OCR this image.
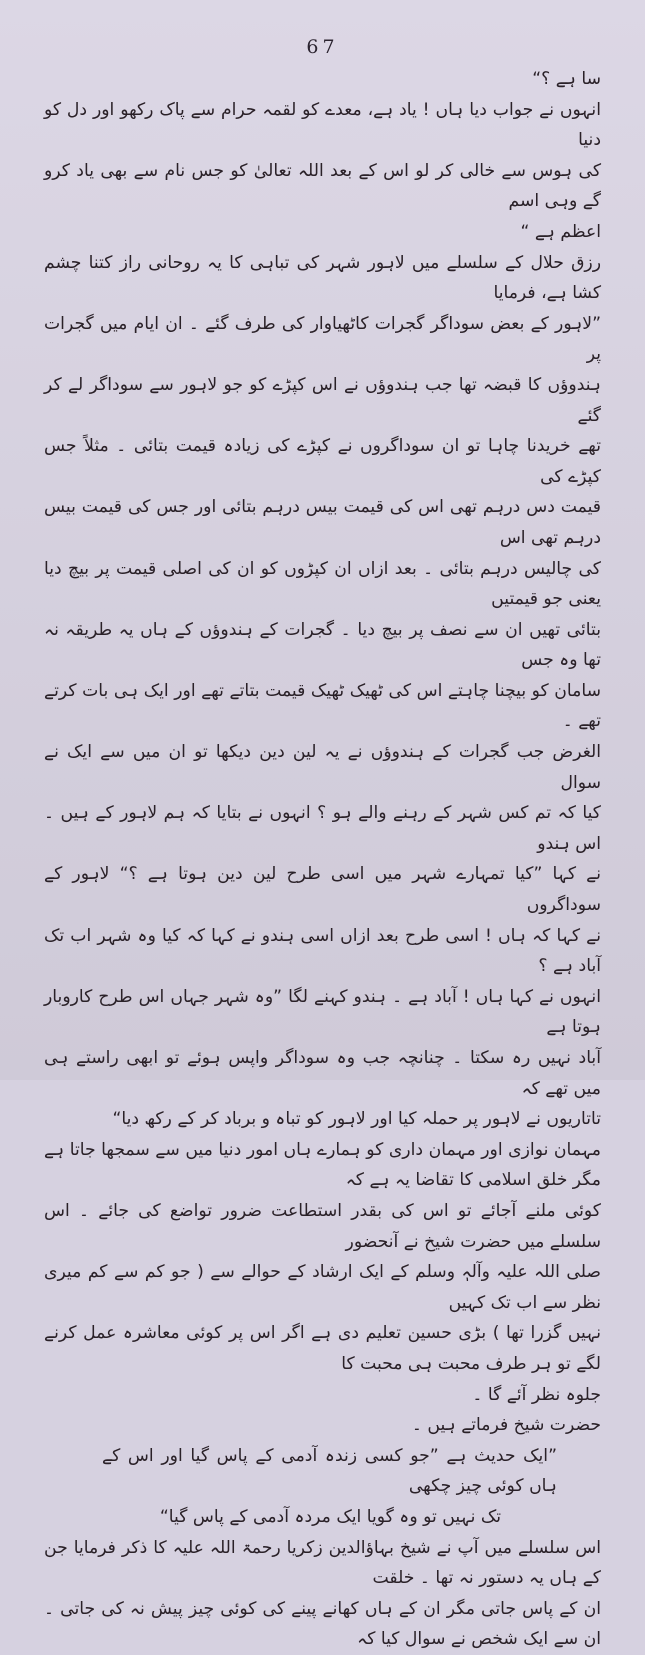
67

سا ہے ؟“

انہوں نے جواب دیا ہاں ! یاد ہے، معدے کو لقمہ حرام سے پاک رکھو اور دل کو دنیا

کی ہوس سے خالی کر لو اس کے بعد اللہ تعالیٰ کو جس نام سے بھی یاد کرو گے وہی اسم

اعظم ہے “

رزق حلال کے سلسلے میں لاہور شہر کی تباہی کا یہ روحانی راز کتنا چشم کشا ہے، فرمایا

”لاہور کے بعض سوداگر گجرات کاٹھیاوار کی طرف گئے ۔ ان ایام میں گجرات پر

ہندوؤں کا قبضہ تھا جب ہندوؤں نے اس کپڑے کو جو لاہور سے سوداگر لے کر گئے

تھے خریدنا چاہا تو ان سوداگروں نے کپڑے کی زیادہ قیمت بتائی ۔ مثلاً جس کپڑے کی

قیمت دس درہم تھی اس کی قیمت بیس درہم بتائی اور جس کی قیمت بیس درہم تھی اس

کی چالیس درہم بتائی ۔ بعد ازاں ان کپڑوں کو ان کی اصلی قیمت پر بیچ دیا یعنی جو قیمتیں

بتائی تھیں ان سے نصف پر بیچ دیا ۔ گجرات کے ہندوؤں کے ہاں یہ طریقہ نہ تھا وہ جس

سامان کو بیچنا چاہتے اس کی ٹھیک ٹھیک قیمت بتاتے تھے اور ایک ہی بات کرتے تھے ۔

الغرض جب گجرات کے ہندوؤں نے یہ لین دین دیکھا تو ان میں سے ایک نے سوال

کیا کہ تم کس شہر کے رہنے والے ہو ؟ انہوں نے بتایا کہ ہم لاہور کے ہیں ۔ اس ہندو

نے کہا ”کیا تمہارے شہر میں اسی طرح لین دین ہوتا ہے ؟“ لاہور کے سوداگروں

نے کہا کہ ہاں ! اسی طرح بعد ازاں اسی ہندو نے کہا کہ کیا وہ شہر اب تک آباد ہے ؟

انہوں نے کہا ہاں ! آباد ہے ۔ ہندو کہنے لگا ”وہ شہر جہاں اس طرح کاروبار ہوتا ہے

آباد نہیں رہ سکتا ۔ چنانچہ جب وہ سوداگر واپس ہوئے تو ابھی راستے ہی میں تھے کہ

تاتاریوں نے لاہور پر حملہ کیا اور لاہور کو تباہ و برباد کر کے رکھ دیا“

مہمان نوازی اور مہمان داری کو ہمارے ہاں امور دنیا میں سے سمجھا جاتا ہے مگر خلق اسلامی کا تقاضا یہ ہے کہ

کوئی ملنے آجائے تو اس کی بقدر استطاعت ضرور تواضع کی جائے ۔ اس سلسلے میں حضرت شیخ نے آنحضور

صلی اللہ علیہ وآلہٖ وسلم کے ایک ارشاد کے حوالے سے ( جو کم سے کم میری نظر سے اب تک کہیں

نہیں گزرا تھا ) بڑی حسین تعلیم دی ہے اگر اس پر کوئی معاشرہ عمل کرنے لگے تو ہر طرف محبت ہی محبت کا

جلوہ نظر آئے گا ۔

حضرت شیخ فرماتے ہیں ۔

”ایک حدیث ہے ”جو کسی زندہ آدمی کے پاس گیا اور اس کے ہاں کوئی چیز چکھی

تک نہیں تو وہ گویا ایک مردہ آدمی کے پاس گیا“

اس سلسلے میں آپ نے شیخ بہاؤالدین زکریا رحمۃ اللہ علیہ کا ذکر فرمایا جن کے ہاں یہ دستور نہ تھا ۔ خلقت

ان کے پاس جاتی مگر ان کے ہاں کھانے پینے کی کوئی چیز پیش نہ کی جاتی ۔ ان سے ایک شخص نے سوال کیا کہ
